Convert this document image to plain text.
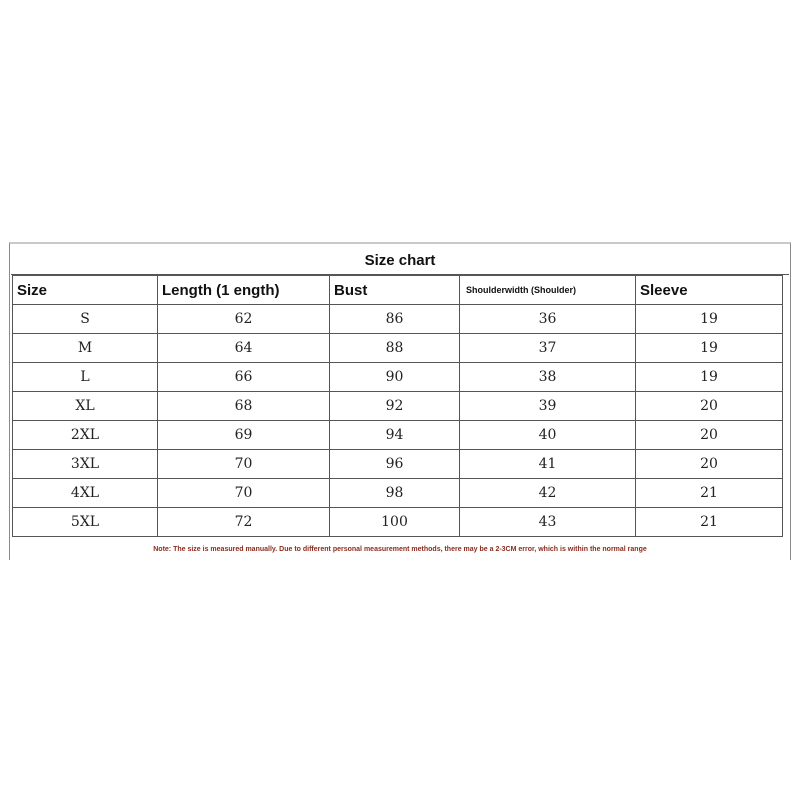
Size chart
Size	Length (1 ength)	Bust	Shoulderwidth (Shoulder)	Sleeve
S	62	86	36	19
M	64	88	37	19
L	66	90	38	19
XL	68	92	39	20
2XL	69	94	40	20
3XL	70	96	41	20
4XL	70	98	42	21
5XL	72	100	43	21
Note: The size is measured manually. Due to different personal measurement methods, there may be a 2-3CM error, which is within the normal range
